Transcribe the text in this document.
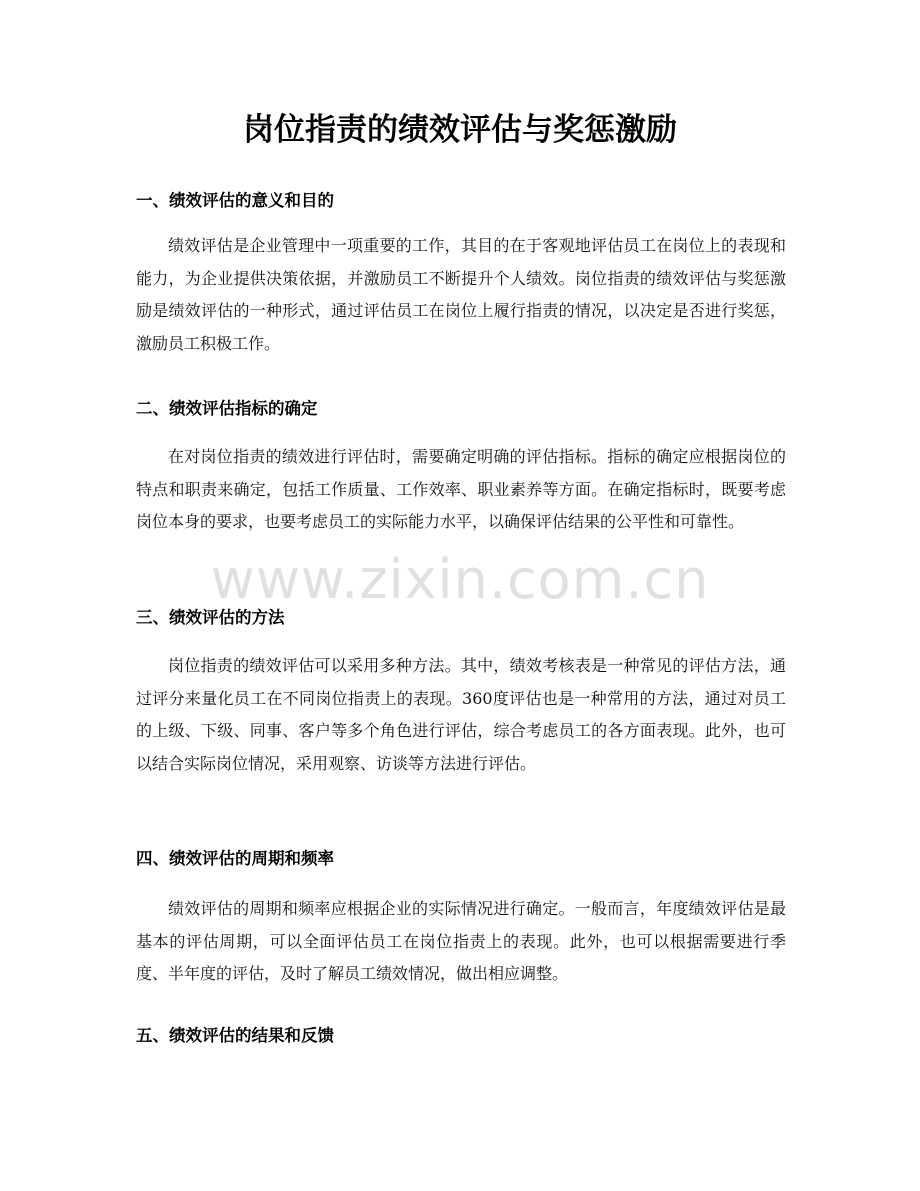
岗位指责的绩效评估与奖惩激励
一、绩效评估的意义和目的

绩效评估是企业管理中一项重要的工作，其目的在于客观地评估员工在岗位上的表现和能力，为企业提供决策依据，并激励员工不断提升个人绩效。岗位指责的绩效评估与奖惩激励是绩效评估的一种形式，通过评估员工在岗位上履行指责的情况，以决定是否进行奖惩，激励员工积极工作。

二、绩效评估指标的确定

在对岗位指责的绩效进行评估时，需要确定明确的评估指标。指标的确定应根据岗位的特点和职责来确定，包括工作质量、工作效率、职业素养等方面。在确定指标时，既要考虑岗位本身的要求，也要考虑员工的实际能力水平，以确保评估结果的公平性和可靠性。

三、绩效评估的方法

岗位指责的绩效评估可以采用多种方法。其中，绩效考核表是一种常见的评估方法，通过评分来量化员工在不同岗位指责上的表现。360度评估也是一种常用的方法，通过对员工的上级、下级、同事、客户等多个角色进行评估，综合考虑员工的各方面表现。此外，也可以结合实际岗位情况，采用观察、访谈等方法进行评估。

四、绩效评估的周期和频率

绩效评估的周期和频率应根据企业的实际情况进行确定。一般而言，年度绩效评估是最基本的评估周期，可以全面评估员工在岗位指责上的表现。此外，也可以根据需要进行季度、半年度的评估，及时了解员工绩效情况，做出相应调整。

五、绩效评估的结果和反馈
www.zixin.com.cn
